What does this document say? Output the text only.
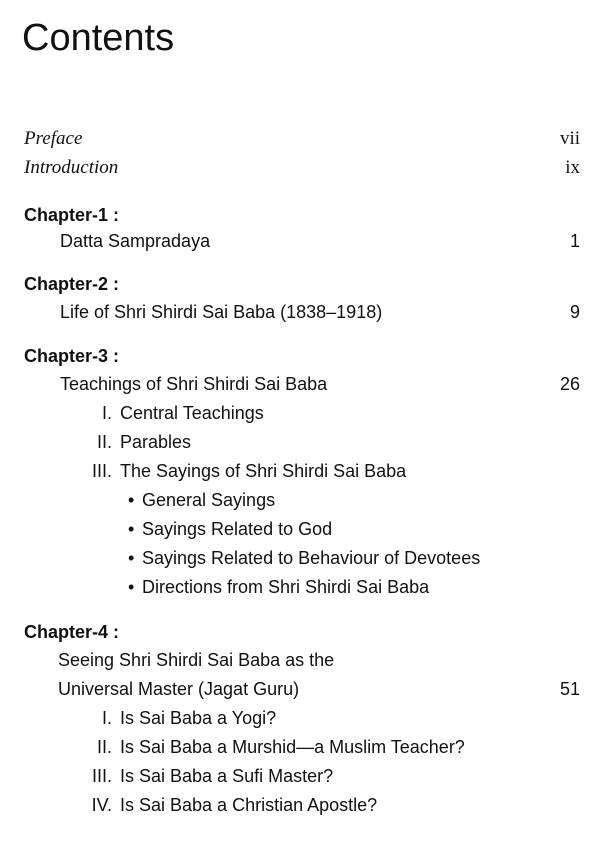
Contents
Preface	vii
Introduction	ix
Chapter-1 :
Datta Sampradaya	1
Chapter-2 :
Life of Shri Shirdi Sai Baba (1838–1918)	9
Chapter-3 :
Teachings of Shri Shirdi Sai Baba	26
I. Central Teachings
II. Parables
III. The Sayings of Shri Shirdi Sai Baba
• General Sayings
• Sayings Related to God
• Sayings Related to Behaviour of Devotees
• Directions from Shri Shirdi Sai Baba
Chapter-4 :
Seeing Shri Shirdi Sai Baba as the
Universal Master (Jagat Guru)	51
I. Is Sai Baba a Yogi?
II. Is Sai Baba a Murshid—a Muslim Teacher?
III. Is Sai Baba a Sufi Master?
IV. Is Sai Baba a Christian Apostle?
